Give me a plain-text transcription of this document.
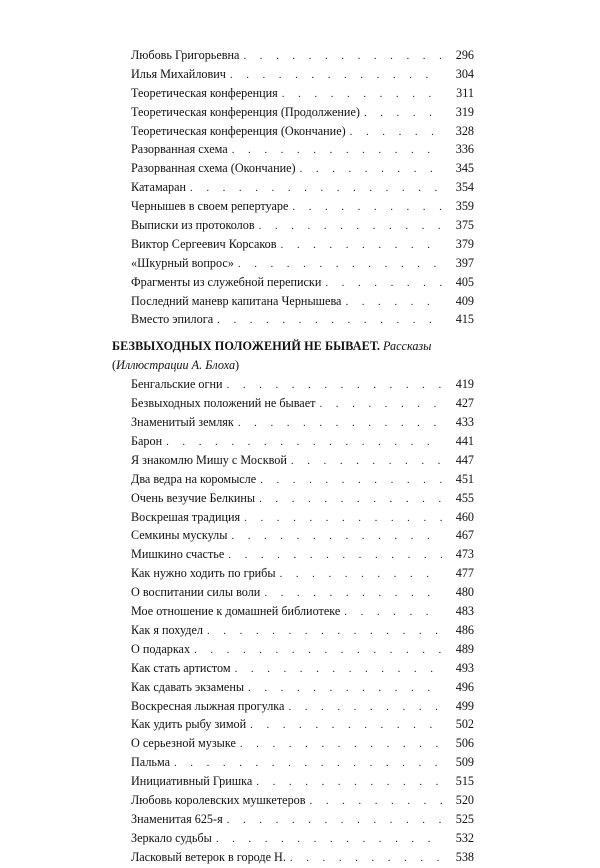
Любовь Григорьевна . . .	296
Илья Михайлович . . .	304
Теоретическая конференция . . .	311
Теоретическая конференция (Продолжение) . . .	319
Теоретическая конференция (Окончание) . . .	328
Разорванная схема . . .	336
Разорванная схема (Окончание) . . .	345
Катамаран . . .	354
Чернышев в своем репертуаре . . .	359
Выписки из протоколов . . .	375
Виктор Сергеевич Корсаков . . .	379
«Шкурный вопрос» . . .	397
Фрагменты из служебной переписки . . .	405
Последний маневр капитана Чернышева . . .	409
Вместо эпилога . . .	415
БЕЗВЫХОДНЫХ ПОЛОЖЕНИЙ НЕ БЫВАЕТ. Рассказы
(Иллюстрации А. Блоха)
Бенгальские огни . . .	419
Безвыходных положений не бывает . . .	427
Знаменитый земляк . . .	433
Барон . . .	441
Я знакомлю Мишу с Москвой . . .	447
Два ведра на коромысле . . .	451
Очень везучие Белкины . . .	455
Воскрешая традиция . . .	460
Семкины мускулы . . .	467
Мишкино счастье . . .	473
Как нужно ходить по грибы . . .	477
О воспитании силы воли . . .	480
Мое отношение к домашней библиотеке . . .	483
Как я похудел . . .	486
О подарках . . .	489
Как стать артистом . . .	493
Как сдавать экзамены . . .	496
Воскресная лыжная прогулка . . .	499
Как удить рыбу зимой . . .	502
О серьезной музыке . . .	506
Пальма . . .	509
Инициативный Гришка . . .	515
Любовь королевских мушкетеров . . .	520
Знаменитая 625-я . . .	525
Зеркало судьбы . . .	532
Ласковый ветерок в городе Н. . . .	538
